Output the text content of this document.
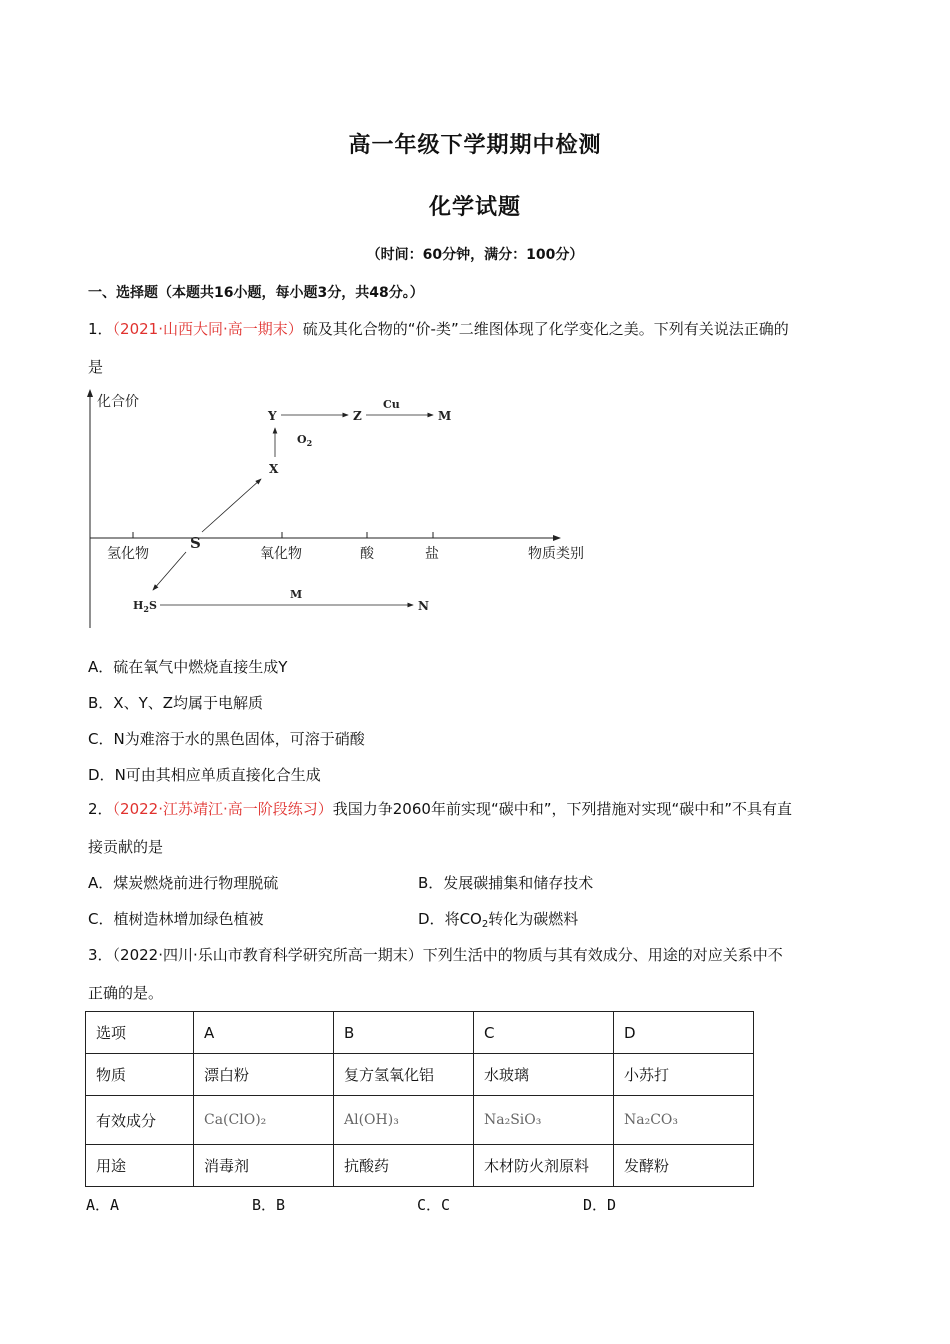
高一年级下学期期中检测
化学试题
（时间：60分钟，满分：100分）
一、选择题（本题共16小题，每小题3分，共48分。）
1．（2021·山西大同·高一期末）硫及其化合物的“价-类”二维图体现了化学变化之美。下列有关说法正确的
是
化合价
氢化物	氧化物	酸	盐	物质类别
S
X
Y	Z	M
$O_2$
Cu
$H_2S$
M
N
A．硫在氧气中燃烧直接生成Y
B．X、Y、Z均属于电解质
C．N为难溶于水的黑色固体，可溶于硝酸
D．N可由其相应单质直接化合生成
2．（2022·江苏靖江·高一阶段练习）我国力争2060年前实现“碳中和”，下列措施对实现“碳中和”不具有直
接贡献的是
A．煤炭燃烧前进行物理脱硫	B．发展碳捕集和储存技术
C．植树造林增加绿色植被	D．将$CO_2$转化为碳燃料
3．（2022·四川·乐山市教育科学研究所高一期末）下列生活中的物质与其有效成分、用途的对应关系中不
正确的是。
选项	A	B	C	D
物质	漂白粉	复方氢氧化铝	水玻璃	小苏打
有效成分	Ca(ClO)₂	Al(OH)₃	Na₂SiO₃	Na₂CO₃
用途	消毒剂	抗酸药	木材防火剂原料	发酵粉
A．A	B．B	C．C	D．D
